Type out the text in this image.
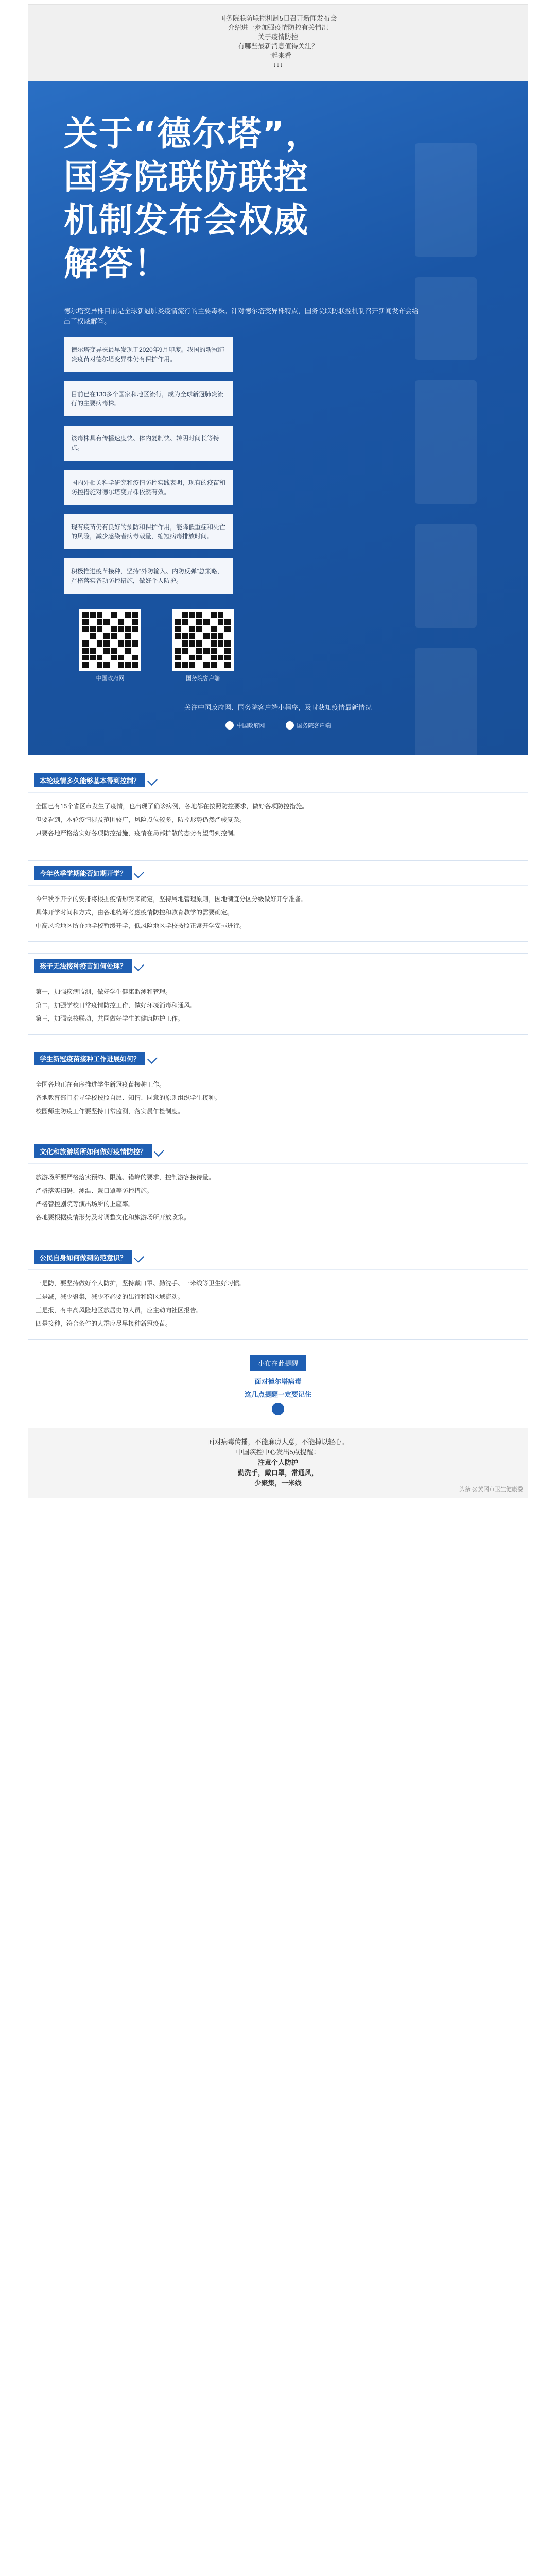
国务院联防联控机制5日召开新闻发布会
介绍进一步加强疫情防控有关情况
关于疫情防控
有哪些最新消息值得关注？
一起来看
↓↓↓
关于“德尔塔”，
国务院联防联控
机制发布会权威
解答！
德尔塔变异株目前是全球新冠肺炎疫情流行的主要毒株。针对德尔塔变异株特点，国务院联防联控机制召开新闻发布会给出了权威解答。
德尔塔变异株最早发现于2020年9月印度。我国的新冠肺炎疫苗对德尔塔变异株仍有保护作用。
目前已在130多个国家和地区流行，成为全球新冠肺炎流行的主要病毒株。
该毒株具有传播速度快、体内复制快、转阴时间长等特点。
国内外相关科学研究和疫情防控实践表明，现有的疫苗和防控措施对德尔塔变异株依然有效。
现有疫苗仍有良好的预防和保护作用，能降低重症和死亡的风险，减少感染者病毒载量，缩短病毒排放时间。
积极推进疫苗接种，坚持“外防输入、内防反弹”总策略，严格落实各项防控措施，做好个人防护。
中国政府网	国务院客户端
关注中国政府网、国务院客户端小程序，及时获知疫情最新情况
中国政府网	国务院客户端
本轮疫情多久能够基本得到控制？

全国已有15个省区市发生了疫情，也出现了确诊病例，各地都在按照防控要求，做好各项防控措施。

但要看到，本轮疫情涉及范围较广，风险点位较多，防控形势仍然严峻复杂。

只要各地严格落实好各项防控措施，疫情在局部扩散的态势有望得到控制。

今年秋季学期能否如期开学？

今年秋季开学的安排将根据疫情形势来确定，坚持属地管理原则，因地制宜分区分级做好开学准备。

具体开学时间和方式，由各地统筹考虑疫情防控和教育教学的需要确定。

中高风险地区所在地学校暂缓开学，低风险地区学校按照正常开学安排进行。

孩子无法接种疫苗如何处理？

第一，加强疾病监测，做好学生健康监测和管理。

第二，加强学校日常疫情防控工作，做好环境消毒和通风。

第三，加强家校联动，共同做好学生的健康防护工作。

学生新冠疫苗接种工作进展如何？

全国各地正在有序推进学生新冠疫苗接种工作。

各地教育部门指导学校按照自愿、知情、同意的原则组织学生接种。

校园师生防疫工作要坚持日常监测，落实晨午检制度。

文化和旅游场所如何做好疫情防控？

旅游场所要严格落实预约、限流、错峰的要求，控制游客接待量。

严格落实扫码、测温、戴口罩等防控措施。

严格管控剧院等演出场所的上座率。

各地要根据疫情形势及时调整文化和旅游场所开放政策。

公民自身如何做到防范意识？

一是防，要坚持做好个人防护，坚持戴口罩、勤洗手、一米线等卫生好习惯。

二是减，减少聚集，减少不必要的出行和跨区域流动。

三是报，有中高风险地区旅居史的人员，应主动向社区报告。

四是接种，符合条件的人群应尽早接种新冠疫苗。

小布在此提醒
面对德尔塔病毒
这几点提醒一定要记住
面对病毒传播，不能麻痹大意，不能掉以轻心。
中国疾控中心发出5点提醒：
注意个人防护
勤洗手，戴口罩，常通风，
少聚集，一米线
头条 @黄冈市卫生健康委
